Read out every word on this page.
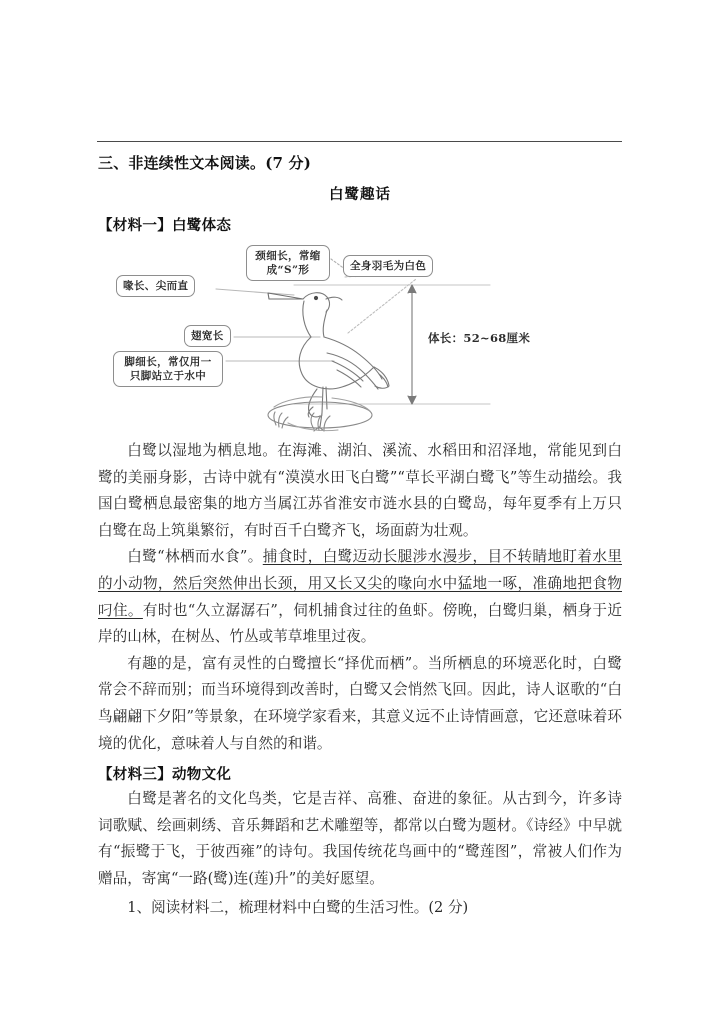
三、非连续性文本阅读。(7 分)
白鹭趣话
【材料一】白鹭体态
颈细长，常缩
成“S”形	全身羽毛为白色
喙长、尖而直
翅宽长
脚细长，常仅用一
只脚站立于水中
体长：52~68厘米

白鹭以湿地为栖息地。在海滩、湖泊、溪流、水稻田和沼泽地，常能见到白鹭的美丽身影，古诗中就有“漠漠水田飞白鹭”“草长平湖白鹭飞”等生动描绘。我国白鹭栖息最密集的地方当属江苏省淮安市涟水县的白鹭岛，每年夏季有上万只白鹭在岛上筑巢繁衍，有时百千白鹭齐飞，场面蔚为壮观。

白鹭“林栖而水食”。捕食时，白鹭迈动长腿涉水漫步，目不转睛地盯着水里的小动物，然后突然伸出长颈，用又长又尖的喙向水中猛地一啄，准确地把食物叼住。有时也“久立潺潺石”，伺机捕食过往的鱼虾。傍晚，白鹭归巢，栖身于近岸的山林，在树丛、竹丛或苇草堆里过夜。

有趣的是，富有灵性的白鹭擅长“择优而栖”。当所栖息的环境恶化时，白鹭常会不辞而别；而当环境得到改善时，白鹭又会悄然飞回。因此，诗人讴歌的“白鸟翩翩下夕阳”等景象，在环境学家看来，其意义远不止诗情画意，它还意味着环境的优化，意味着人与自然的和谐。

【材料三】动物文化

白鹭是著名的文化鸟类，它是吉祥、高雅、奋进的象征。从古到今，许多诗词歌赋、绘画刺绣、音乐舞蹈和艺术雕塑等，都常以白鹭为题材。《诗经》中早就有“振鹭于飞，于彼西雍”的诗句。我国传统花鸟画中的“鹭莲图”，常被人们作为赠品，寄寓“一路(鹭)连(莲)升”的美好愿望。

1、阅读材料二，梳理材料中白鹭的生活习性。(2 分)
